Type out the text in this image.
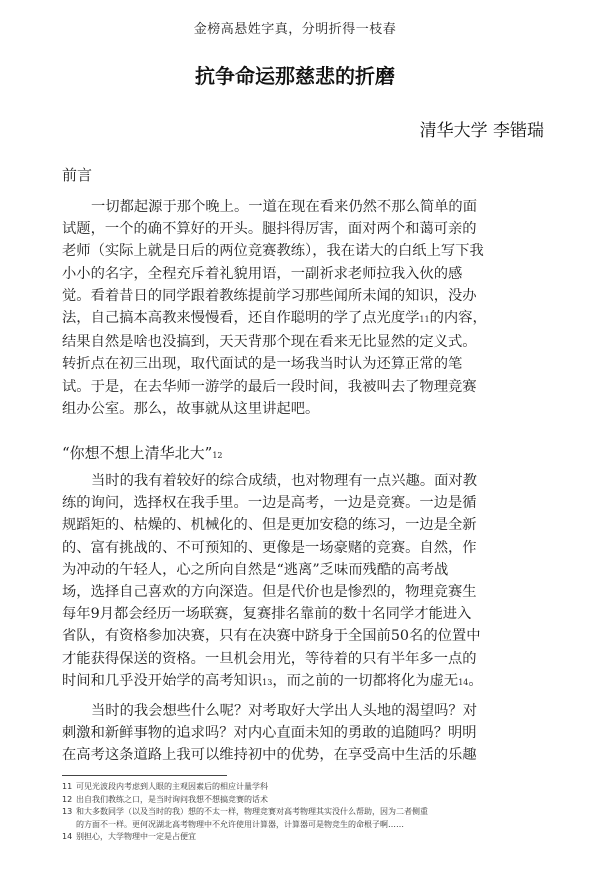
金榜高悬姓字真，分明折得一枝春
抗争命运那慈悲的折磨
清华大学 李锴瑞
前言
一切都起源于那个晚上。一道在现在看来仍然不那么简单的面
试题，一个的确不算好的开头。腿抖得厉害，面对两个和蔼可亲的
老师（实际上就是日后的两位竞赛教练），我在诺大的白纸上写下我
小小的名字，全程充斥着礼貌用语，一副祈求老师拉我入伙的感
觉。看着昔日的同学跟着教练提前学习那些闻所未闻的知识，没办
法，自己搞本高教来慢慢看，还自作聪明的学了点光度学11的内容，
结果自然是啥也没搞到，天天背那个现在看来无比显然的定义式。
转折点在初三出现，取代面试的是一场我当时认为还算正常的笔
试。于是，在去华师一游学的最后一段时间，我被叫去了物理竞赛
组办公室。那么，故事就从这里讲起吧。
“你想不想上清华北大”12
当时的我有着较好的综合成绩，也对物理有一点兴趣。面对教
练的询问，选择权在我手里。一边是高考，一边是竞赛。一边是循
规蹈矩的、枯燥的、机械化的、但是更加安稳的练习，一边是全新
的、富有挑战的、不可预知的、更像是一场豪赌的竞赛。自然，作
为冲动的午轻人，心之所向自然是“逃离”乏味而残酷的高考战
场，选择自己喜欢的方向深造。但是代价也是惨烈的，物理竞赛生
每年9月都会经历一场联赛，复赛排名靠前的数十名同学才能进入
省队，有资格参加决赛，只有在决赛中跻身于全国前50名的位置中
才能获得保送的资格。一旦机会用光，等待着的只有半年多一点的
时间和几乎没开始学的高考知识13，而之前的一切都将化为虚无14。
当时的我会想些什么呢？对考取好大学出人头地的渴望吗？对
刺激和新鲜事物的追求吗？对内心直面未知的勇敢的追随吗？明明
在高考这条道路上我可以维持初中的优势，在享受高中生活的乐趣
11 可见光波段内考虑到人眼的主观因素后的相应计量学科
12 出自我们教练之口，是当时询问我想不想搞竞赛的话术
13 和大多数同学（以及当时的我）想的不太一样，物理竞赛对高考物理其实没什么帮助，因为二者侧重
的方面不一样。更何况湖北高考物理中不允许使用计算器，计算器可是物竞生的命根子啊……
14 别担心，大学物理中一定是占便宜
